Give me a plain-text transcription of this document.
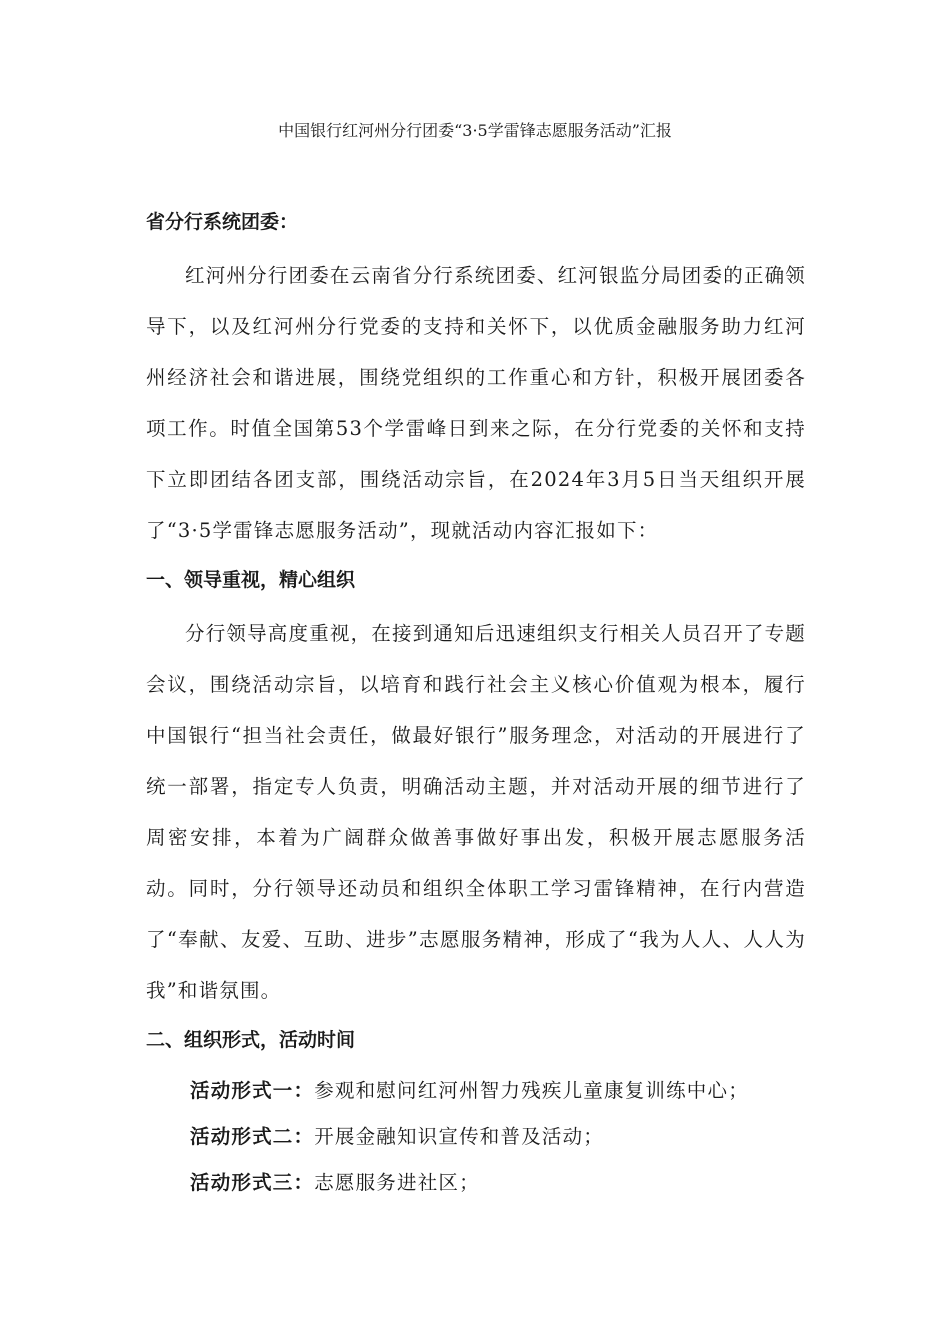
中国银行红河州分行团委“3·5学雷锋志愿服务活动”汇报
省分行系统团委：

红河州分行团委在云南省分行系统团委、红河银监分局团委的正确领导下，以及红河州分行党委的支持和关怀下，以优质金融服务助力红河州经济社会和谐进展，围绕党组织的工作重心和方针，积极开展团委各项工作。时值全国第53个学雷峰日到来之际，在分行党委的关怀和支持下立即团结各团支部，围绕活动宗旨，在2024年3月5日当天组织开展了“3·5学雷锋志愿服务活动”，现就活动内容汇报如下：

一、领导重视，精心组织

分行领导高度重视，在接到通知后迅速组织支行相关人员召开了专题会议，围绕活动宗旨，以培育和践行社会主义核心价值观为根本，履行中国银行“担当社会责任，做最好银行”服务理念，对活动的开展进行了统一部署，指定专人负责，明确活动主题，并对活动开展的细节进行了周密安排，本着为广阔群众做善事做好事出发，积极开展志愿服务活动。同时，分行领导还动员和组织全体职工学习雷锋精神，在行内营造了“奉献、友爱、互助、进步”志愿服务精神，形成了“我为人人、人人为我”和谐氛围。

二、组织形式，活动时间
活动形式一：参观和慰问红河州智力残疾儿童康复训练中心；
活动形式二：开展金融知识宣传和普及活动；
活动形式三：志愿服务进社区；
